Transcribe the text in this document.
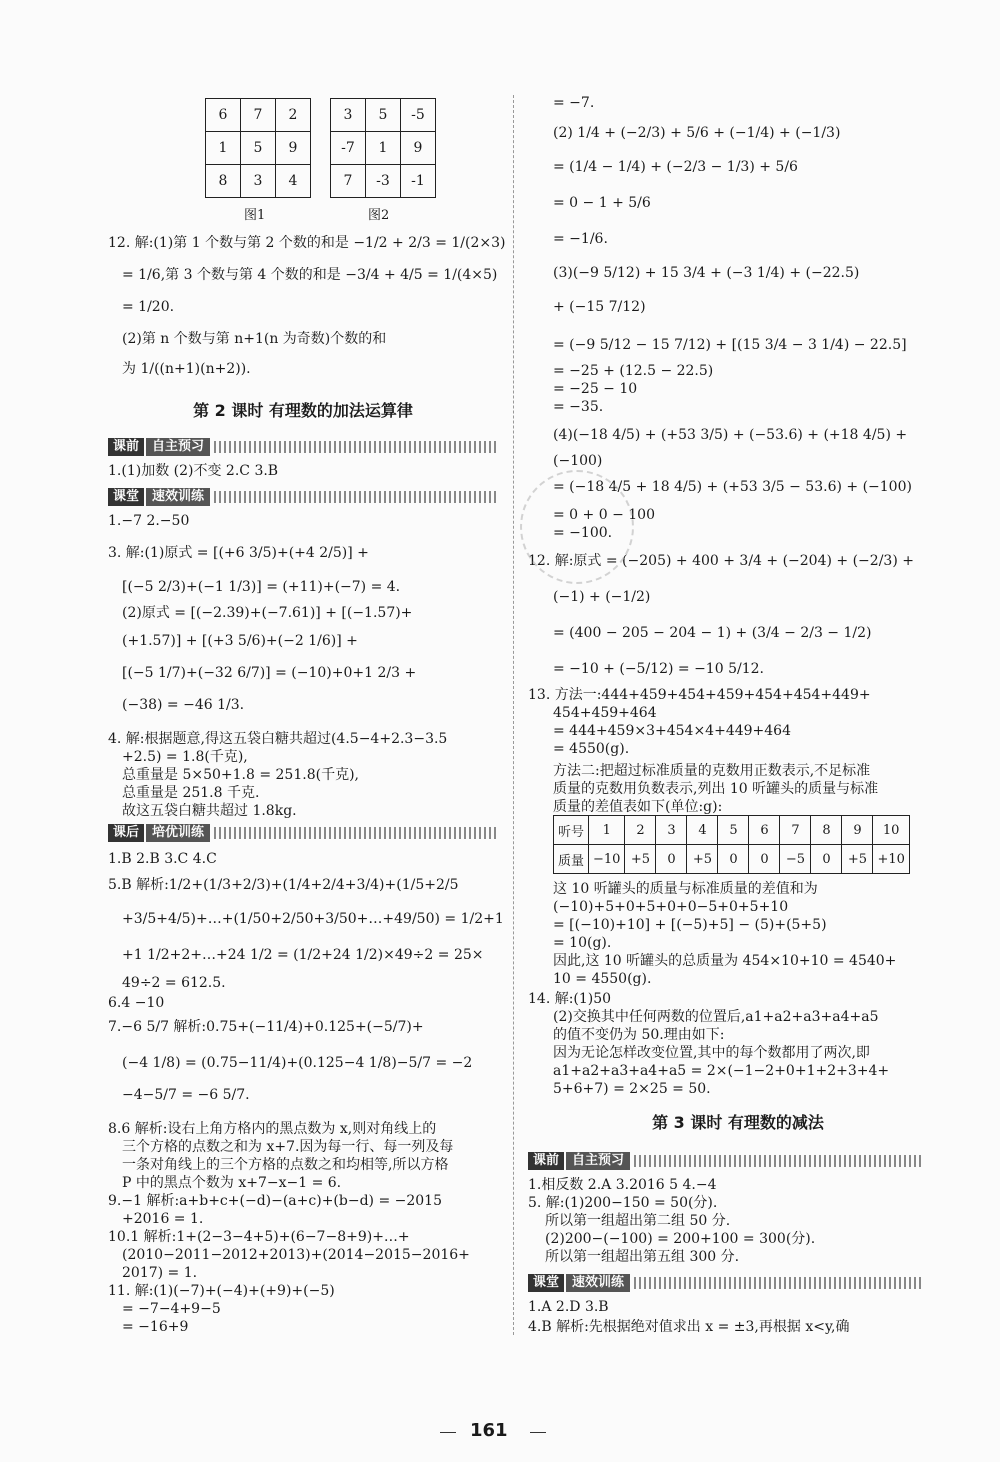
6	7	2
1	5	9
8	3	4
3	5	-5
-7	1	9
7	-3	-1
图1	图2
第 2 课时 有理数的加法运算律
第 3 课时 有理数的减法
课前	自主预习
课堂	速效训练
课后	培优训练
课前	自主预习
课堂	速效训练
12. 解:(1)第 1 个数与第 2 个数的和是 −1/2 + 2/3 = 1/(2×3)
= 1/6,第 3 个数与第 4 个数的和是 −3/4 + 4/5 = 1/(4×5)
= 1/20.
(2)第 n 个数与第 n+1(n 为奇数)个数的和
为 1/((n+1)(n+2)).
1.(1)加数 (2)不变 2.C 3.B
1.−7 2.−50
3. 解:(1)原式 = [(+6 3/5)+(+4 2/5)] +
[(−5 2/3)+(−1 1/3)] = (+11)+(−7) = 4.
(2)原式 = [(−2.39)+(−7.61)] + [(−1.57)+
(+1.57)] + [(+3 5/6)+(−2 1/6)] +
[(−5 1/7)+(−32 6/7)] = (−10)+0+1 2/3 +
(−38) = −46 1/3.
4. 解:根据题意,得这五袋白糖共超过(4.5−4+2.3−3.5
+2.5) = 1.8(千克),
总重量是 5×50+1.8 = 251.8(千克),
总重量是 251.8 千克.
故这五袋白糖共超过 1.8kg.
1.B 2.B 3.C 4.C
5.B 解析:1/2+(1/3+2/3)+(1/4+2/4+3/4)+(1/5+2/5
+3/5+4/5)+…+(1/50+2/50+3/50+…+49/50) = 1/2+1
+1 1/2+2+…+24 1/2 = (1/2+24 1/2)×49÷2 = 25×
49÷2 = 612.5.
6.4 −10
7.−6 5/7 解析:0.75+(−11/4)+0.125+(−5/7)+
(−4 1/8) = (0.75−11/4)+(0.125−4 1/8)−5/7 = −2
−4−5/7 = −6 5/7.
8.6 解析:设右上角方格内的黑点数为 x,则对角线上的
三个方格的点数之和为 x+7.因为每一行、每一列及每
一条对角线上的三个方格的点数之和均相等,所以方格
P 中的黑点个数为 x+7−x−1 = 6.
9.−1 解析:a+b+c+(−d)−(a+c)+(b−d) = −2015
+2016 = 1.
10.1 解析:1+(2−3−4+5)+(6−7−8+9)+…+
(2010−2011−2012+2013)+(2014−2015−2016+
2017) = 1.
11. 解:(1)(−7)+(−4)+(+9)+(−5)
= −7−4+9−5
= −16+9
= −7.
(2) 1/4 + (−2/3) + 5/6 + (−1/4) + (−1/3)
= (1/4 − 1/4) + (−2/3 − 1/3) + 5/6
= 0 − 1 + 5/6
= −1/6.
(3)(−9 5/12) + 15 3/4 + (−3 1/4) + (−22.5)
+ (−15 7/12)
= (−9 5/12 − 15 7/12) + [(15 3/4 − 3 1/4) − 22.5]
= −25 + (12.5 − 22.5)
= −25 − 10
= −35.
(4)(−18 4/5) + (+53 3/5) + (−53.6) + (+18 4/5) +
(−100)
= (−18 4/5 + 18 4/5) + (+53 3/5 − 53.6) + (−100)
= 0 + 0 − 100
= −100.
12. 解:原式 = (−205) + 400 + 3/4 + (−204) + (−2/3) +
(−1) + (−1/2)
= (400 − 205 − 204 − 1) + (3/4 − 2/3 − 1/2)
= −10 + (−5/12) = −10 5/12.
13. 方法一:444+459+454+459+454+454+449+
454+459+464
= 444+459×3+454×4+449+464
= 4550(g).
方法二:把超过标准质量的克数用正数表示,不足标准
质量的克数用负数表示,列出 10 听罐头的质量与标准
质量的差值表如下(单位:g):
听号	1	2	3	4	5	6	7	8	9	10
质量	−10	+5	0	+5	0	0	−5	0	+5	+10
这 10 听罐头的质量与标准质量的差值和为
(−10)+5+0+5+0+0−5+0+5+10
= [(−10)+10] + [(−5)+5] − (5)+(5+5)
= 10(g).
因此,这 10 听罐头的总质量为 454×10+10 = 4540+
10 = 4550(g).
14. 解:(1)50
(2)交换其中任何两数的位置后,a1+a2+a3+a4+a5
的值不变仍为 50.理由如下:
因为无论怎样改变位置,其中的每个数都用了两次,即
a1+a2+a3+a4+a5 = 2×(−1−2+0+1+2+3+4+
5+6+7) = 2×25 = 50.
1.相反数 2.A 3.2016 5 4.−4
5. 解:(1)200−150 = 50(分).
所以第一组超出第二组 50 分.
(2)200−(−100) = 200+100 = 300(分).
所以第一组超出第五组 300 分.
1.A 2.D 3.B
4.B 解析:先根据绝对值求出 x = ±3,再根据 x<y,确
161
